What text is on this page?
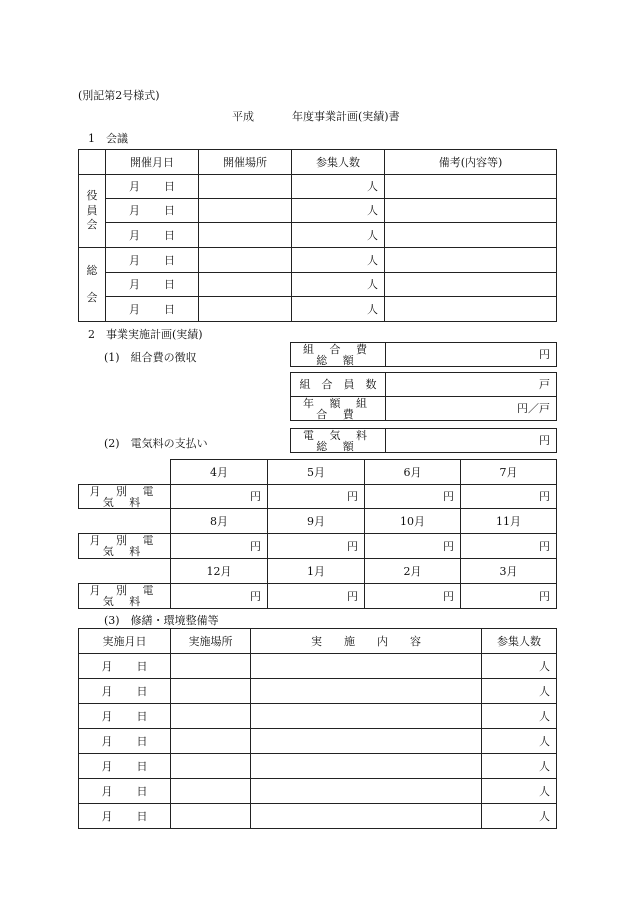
(別記第2号様式)
平成	年度事業計画(実績)書
1　会議
	開催月日	開催場所	参集人数	備考(内容等)

役
員
会	月 日		人	
	月 日		人	
	月 日		人	

総
会	月 日		人	
	月 日		人	
	月 日		人	
2　事業実施計画(実績)
(1)　組合費の徴収
組 合 費 総 額	円
組　合　員　数	戸
年 額 組 合 費	円／戸
(2)　電気料の支払い
電 気 料 総 額	円
	4月	5月	6月	7月
月 別 電 気 料	円	円	円	円
	8月	9月	10月	11月
月 別 電 気 料	円	円	円	円
	12月	1月	2月	3月
月 別 電 気 料	円	円	円	円
(3)　修繕・環境整備等
実施月日	実施場所	実　　施　　内　　容	参集人数
月 日			人
月 日			人
月 日			人
月 日			人
月 日			人
月 日			人
月 日			人
